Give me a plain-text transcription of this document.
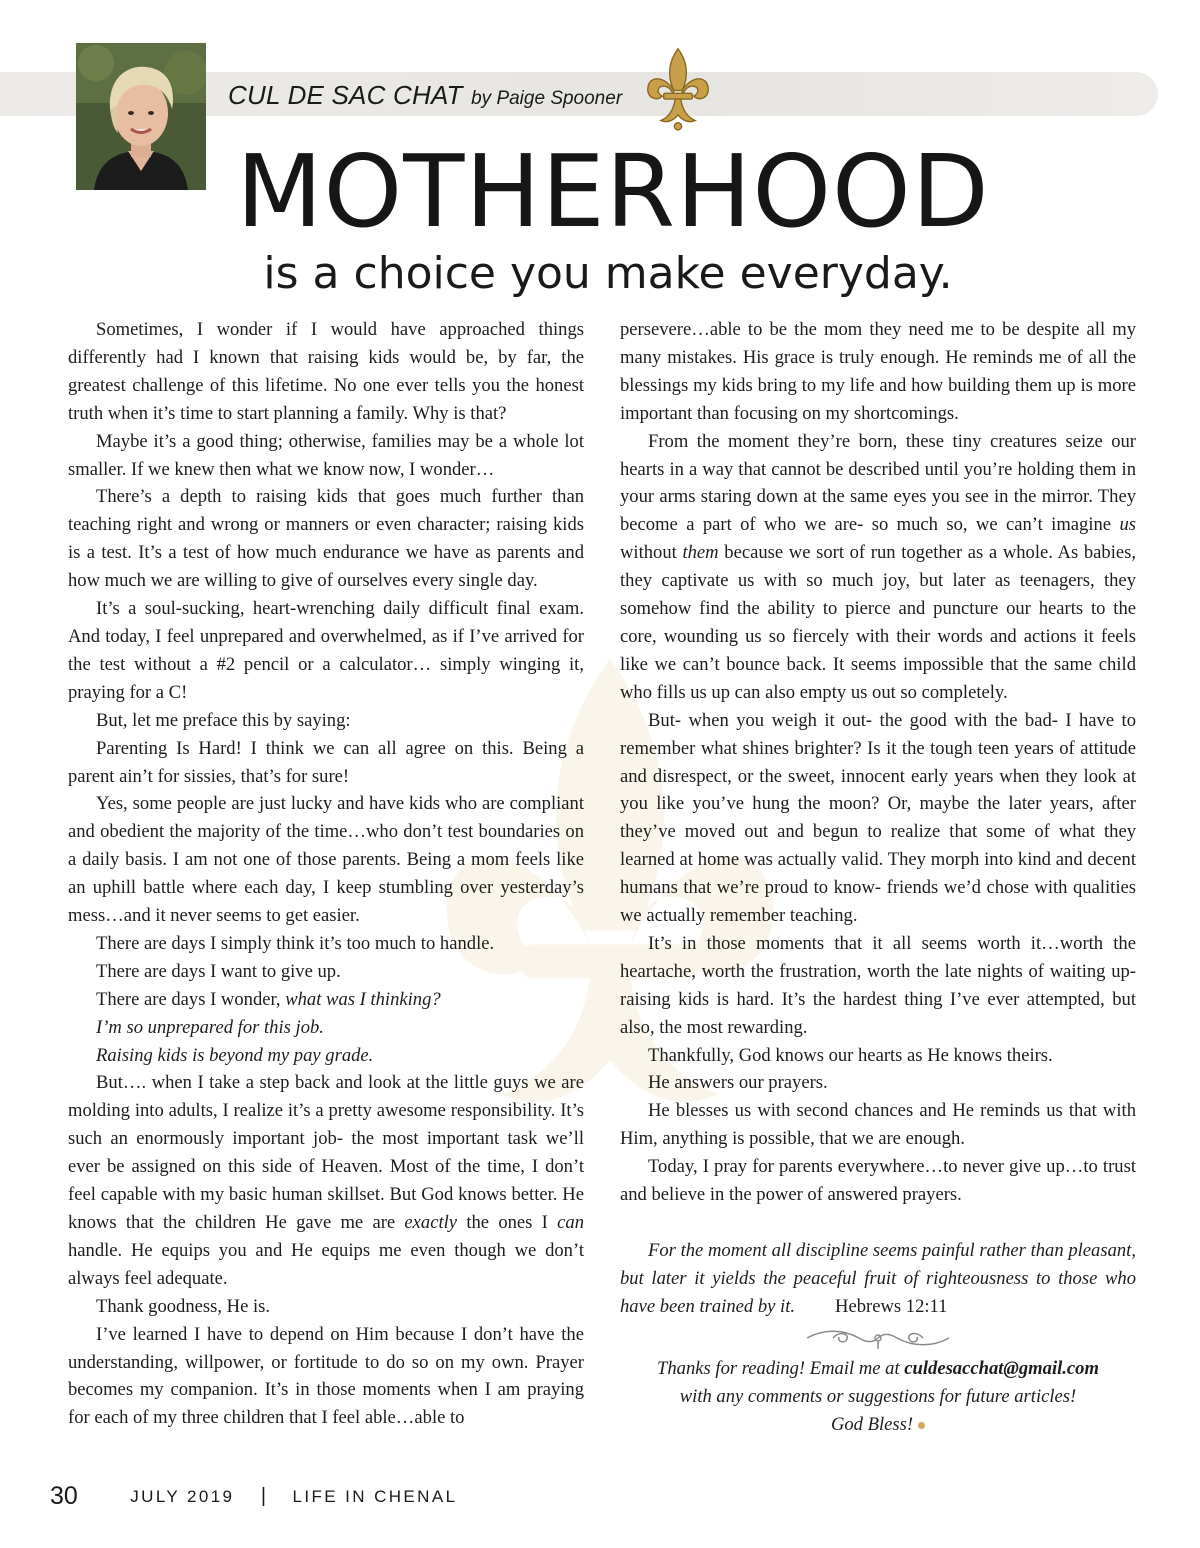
CUL DE SAC CHAT by Paige Spooner
MOTHERHOOD
is a choice you make everyday.

Sometimes, I wonder if I would have approached things differently had I known that raising kids would be, by far, the greatest challenge of this lifetime. No one ever tells you the honest truth when it’s time to start planning a family. Why is that?

Maybe it’s a good thing; otherwise, families may be a whole lot smaller. If we knew then what we know now, I wonder…

There’s a depth to raising kids that goes much further than teaching right and wrong or manners or even character; raising kids is a test. It’s a test of how much endurance we have as parents and how much we are willing to give of ourselves every single day.

It’s a soul-sucking, heart-wrenching daily difficult final exam. And today, I feel unprepared and overwhelmed, as if I’ve arrived for the test without a #2 pencil or a calculator… simply winging it, praying for a C!

But, let me preface this by saying:

Parenting Is Hard! I think we can all agree on this. Being a parent ain’t for sissies, that’s for sure!

Yes, some people are just lucky and have kids who are compliant and obedient the majority of the time…who don’t test boundaries on a daily basis. I am not one of those parents. Being a mom feels like an uphill battle where each day, I keep stumbling over yesterday’s mess…and it never seems to get easier.

There are days I simply think it’s too much to handle.

There are days I want to give up.

There are days I wonder, what was I thinking?

I’m so unprepared for this job.

Raising kids is beyond my pay grade.

But…. when I take a step back and look at the little guys we are molding into adults, I realize it’s a pretty awesome responsibility. It’s such an enormously important job- the most important task we’ll ever be assigned on this side of Heaven. Most of the time, I don’t feel capable with my basic human skillset. But God knows better. He knows that the children He gave me are exactly the ones I can handle. He equips you and He equips me even though we don’t always feel adequate.

Thank goodness, He is.

I’ve learned I have to depend on Him because I don’t have the understanding, willpower, or fortitude to do so on my own. Prayer becomes my companion. It’s in those moments when I am praying for each of my three children that I feel able…able to

persevere…able to be the mom they need me to be despite all my many mistakes. His grace is truly enough. He reminds me of all the blessings my kids bring to my life and how building them up is more important than focusing on my shortcomings.

From the moment they’re born, these tiny creatures seize our hearts in a way that cannot be described until you’re holding them in your arms staring down at the same eyes you see in the mirror. They become a part of who we are- so much so, we can’t imagine us without them because we sort of run together as a whole. As babies, they captivate us with so much joy, but later as teenagers, they somehow find the ability to pierce and puncture our hearts to the core, wounding us so fiercely with their words and actions it feels like we can’t bounce back. It seems impossible that the same child who fills us up can also empty us out so completely.

But- when you weigh it out- the good with the bad- I have to remember what shines brighter? Is it the tough teen years of attitude and disrespect, or the sweet, innocent early years when they look at you like you’ve hung the moon? Or, maybe the later years, after they’ve moved out and begun to realize that some of what they learned at home was actually valid. They morph into kind and decent humans that we’re proud to know- friends we’d chose with qualities we actually remember teaching.

It’s in those moments that it all seems worth it…worth the heartache, worth the frustration, worth the late nights of waiting up- raising kids is hard. It’s the hardest thing I’ve ever attempted, but also, the most rewarding.

Thankfully, God knows our hearts as He knows theirs.

He answers our prayers.

He blesses us with second chances and He reminds us that with Him, anything is possible, that we are enough.

Today, I pray for parents everywhere…to never give up…to trust and believe in the power of answered prayers.

For the moment all discipline seems painful rather than pleasant, but later it yields the peaceful fruit of righteousness to those who have been trained by it. Hebrews 12:11

Thanks for reading! Email me at culdesacchat@gmail.com

with any comments or suggestions for future articles!

God Bless!

30	JULY 2019 | LIFE IN CHENAL
